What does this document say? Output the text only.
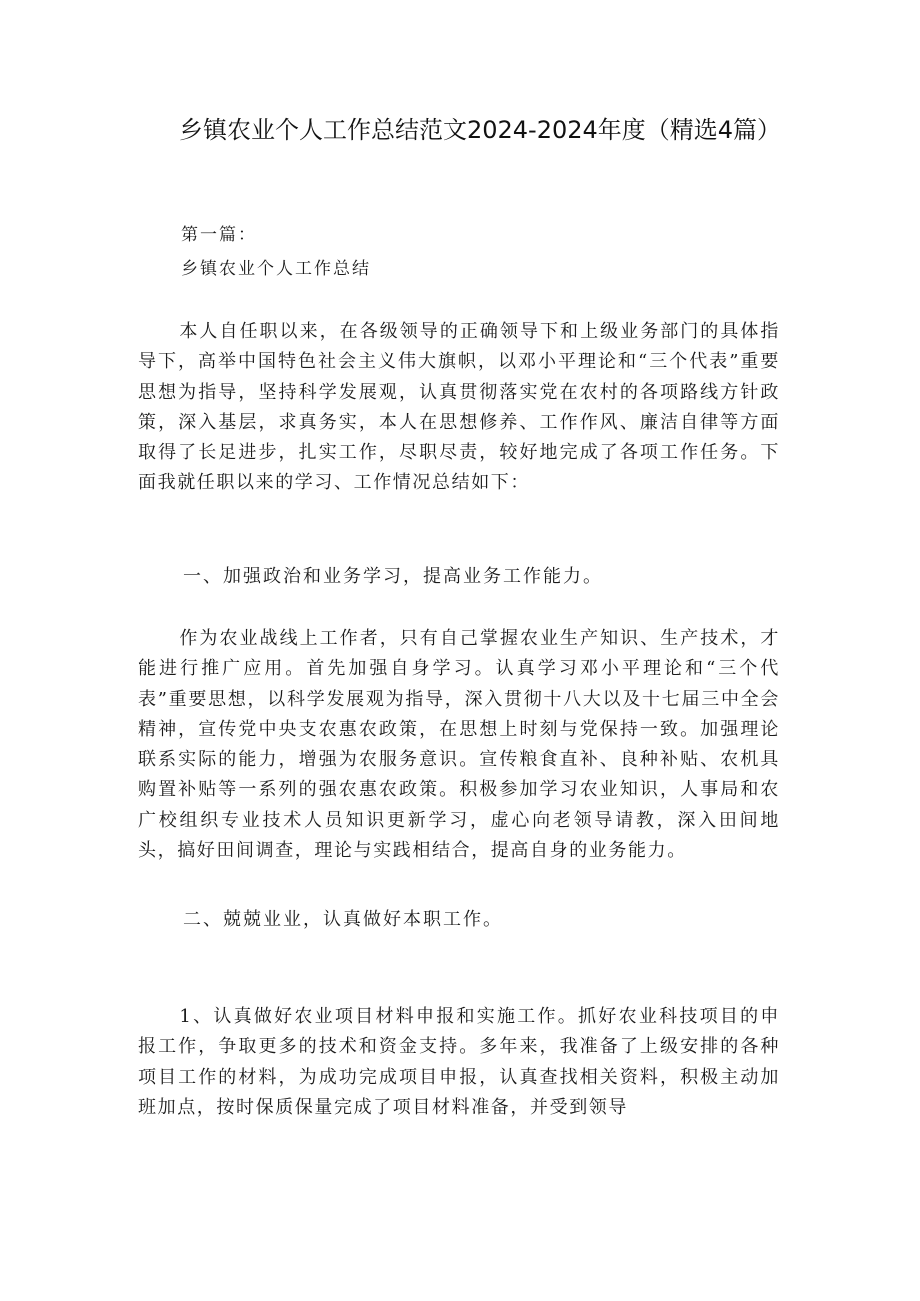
乡镇农业个人工作总结范文2024-2024年度（精选4篇）
第一篇：
乡镇农业个人工作总结
本人自任职以来，在各级领导的正确领导下和上级业务部门的具体指导下，高举中国特色社会主义伟大旗帜，以邓小平理论和“三个代表”重要思想为指导，坚持科学发展观，认真贯彻落实党在农村的各项路线方针政策，深入基层，求真务实，本人在思想修养、工作作风、廉洁自律等方面取得了长足进步，扎实工作，尽职尽责，较好地完成了各项工作任务。下面我就任职以来的学习、工作情况总结如下：
一、加强政治和业务学习，提高业务工作能力。
作为农业战线上工作者，只有自己掌握农业生产知识、生产技术，才能进行推广应用。首先加强自身学习。认真学习邓小平理论和“三个代表”重要思想，以科学发展观为指导，深入贯彻十八大以及十七届三中全会精神，宣传党中央支农惠农政策，在思想上时刻与党保持一致。加强理论联系实际的能力，增强为农服务意识。宣传粮食直补、良种补贴、农机具购置补贴等一系列的强农惠农政策。积极参加学习农业知识，人事局和农广校组织专业技术人员知识更新学习，虚心向老领导请教，深入田间地头，搞好田间调查，理论与实践相结合，提高自身的业务能力。
二、兢兢业业，认真做好本职工作。
1、认真做好农业项目材料申报和实施工作。抓好农业科技项目的申报工作，争取更多的技术和资金支持。多年来，我准备了上级安排的各种项目工作的材料，为成功完成项目申报，认真查找相关资料，积极主动加班加点，按时保质保量完成了项目材料准备，并受到领导
